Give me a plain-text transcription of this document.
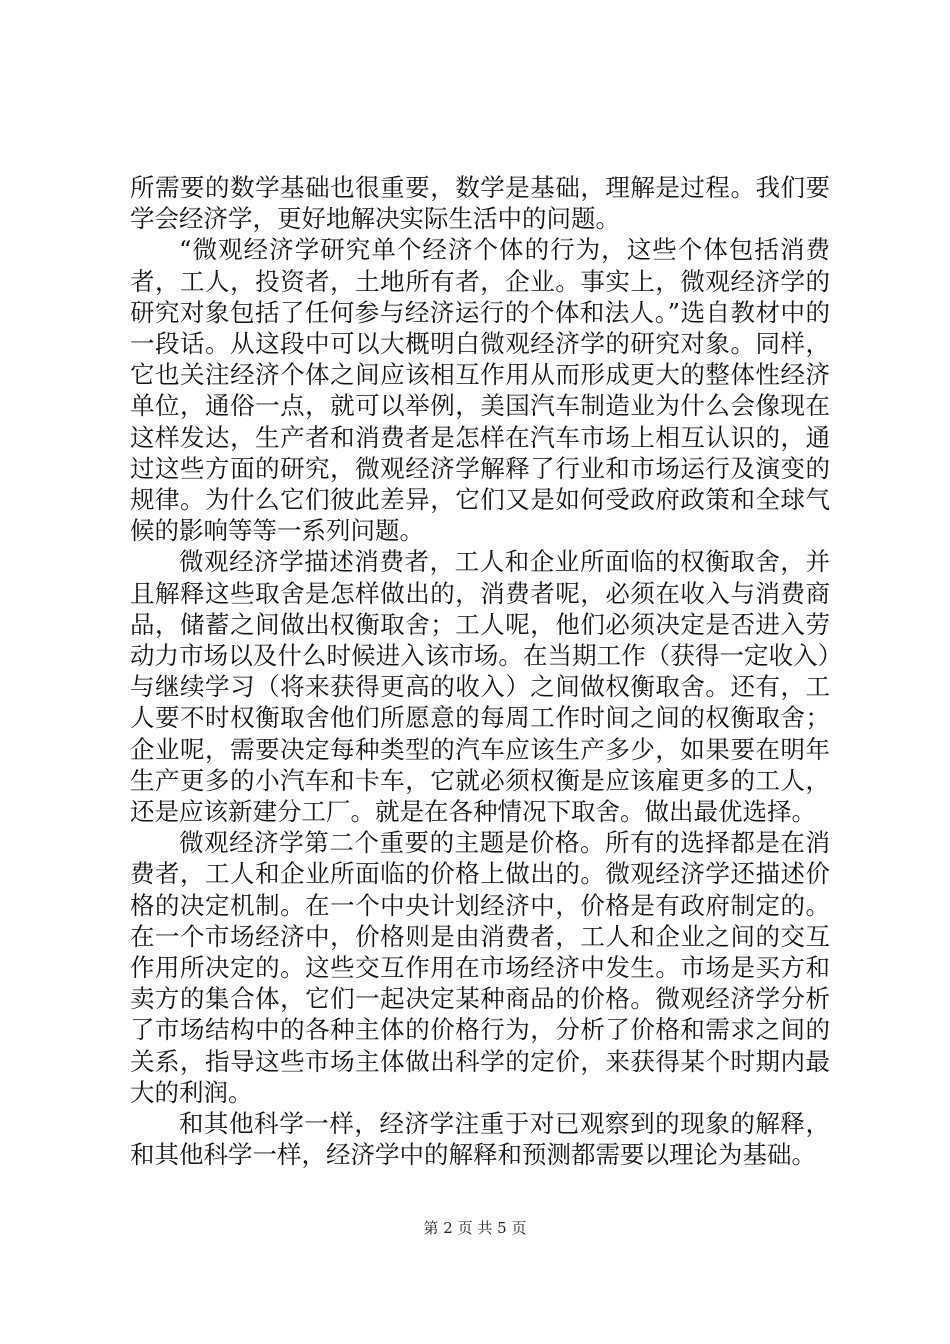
所需要的数学基础也很重要，数学是基础，理解是过程。我们要学会经济学，更好地解决实际生活中的问题。

“微观经济学研究单个经济个体的行为，这些个体包括消费者，工人，投资者，土地所有者，企业。事实上，微观经济学的研究对象包括了任何参与经济运行的个体和法人。”选自教材中的一段话。从这段中可以大概明白微观经济学的研究对象。同样，它也关注经济个体之间应该相互作用从而形成更大的整体性经济单位，通俗一点，就可以举例，美国汽车制造业为什么会像现在这样发达，生产者和消费者是怎样在汽车市场上相互认识的，通过这些方面的研究，微观经济学解释了行业和市场运行及演变的规律。为什么它们彼此差异，它们又是如何受政府政策和全球气候的影响等等一系列问题。

微观经济学描述消费者，工人和企业所面临的权衡取舍，并且解释这些取舍是怎样做出的，消费者呢，必须在收入与消费商品，储蓄之间做出权衡取舍；工人呢，他们必须决定是否进入劳动力市场以及什么时候进入该市场。在当期工作（获得一定收入）与继续学习（将来获得更高的收入）之间做权衡取舍。还有，工人要不时权衡取舍他们所愿意的每周工作时间之间的权衡取舍；企业呢，需要决定每种类型的汽车应该生产多少，如果要在明年生产更多的小汽车和卡车，它就必须权衡是应该雇更多的工人，还是应该新建分工厂。就是在各种情况下取舍。做出最优选择。

微观经济学第二个重要的主题是价格。所有的选择都是在消费者，工人和企业所面临的价格上做出的。微观经济学还描述价格的决定机制。在一个中央计划经济中，价格是有政府制定的。在一个市场经济中，价格则是由消费者，工人和企业之间的交互作用所决定的。这些交互作用在市场经济中发生。市场是买方和卖方的集合体，它们一起决定某种商品的价格。微观经济学分析了市场结构中的各种主体的价格行为，分析了价格和需求之间的关系，指导这些市场主体做出科学的定价，来获得某个时期内最大的利润。

和其他科学一样，经济学注重于对已观察到的现象的解释，和其他科学一样，经济学中的解释和预测都需要以理论为基础。

第 2 页 共 5 页
